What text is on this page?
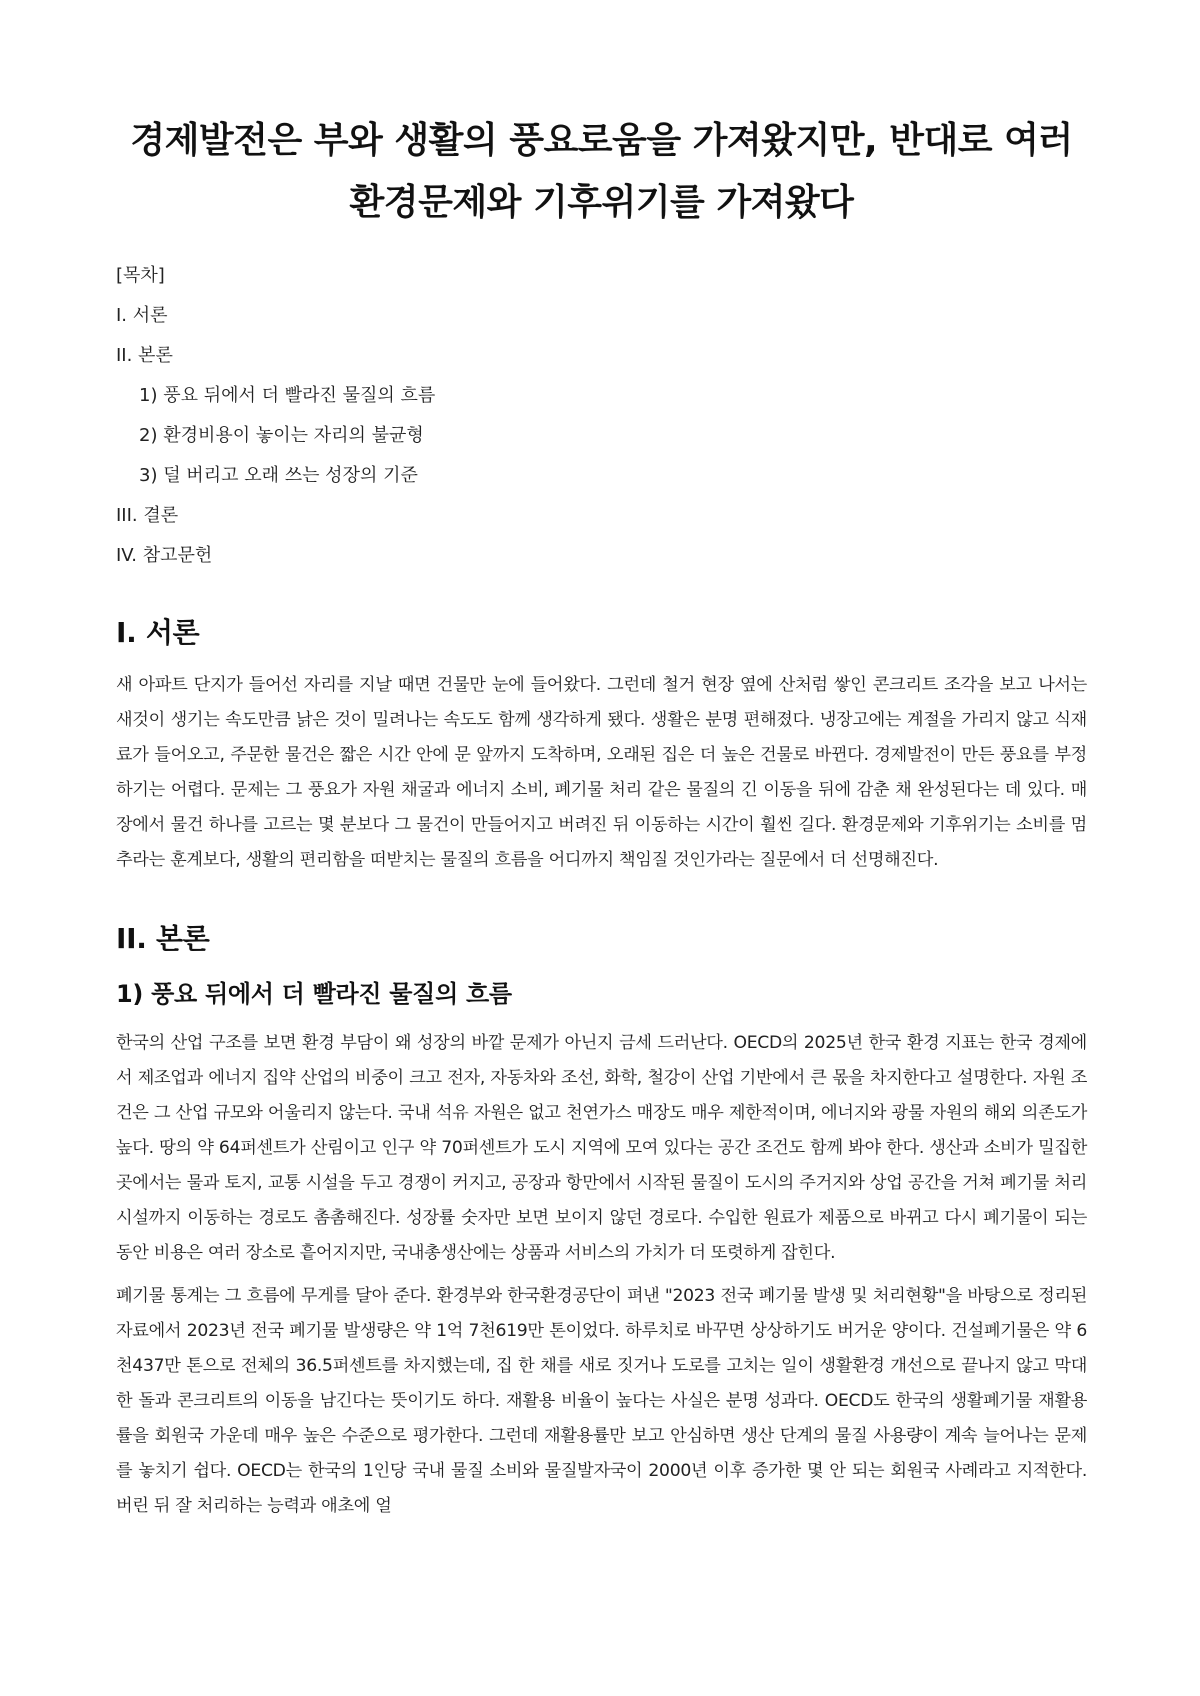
경제발전은 부와 생활의 풍요로움을 가져왔지만, 반대로 여러 환경문제와 기후위기를 가져왔다
[목차]
I. 서론
II. 본론
1) 풍요 뒤에서 더 빨라진 물질의 흐름
2) 환경비용이 놓이는 자리의 불균형
3) 덜 버리고 오래 쓰는 성장의 기준
III. 결론
IV. 참고문헌
I. 서론

새 아파트 단지가 들어선 자리를 지날 때면 건물만 눈에 들어왔다. 그런데 철거 현장 옆에 산처럼 쌓인 콘크리트 조각을 보고 나서는 새것이 생기는 속도만큼 낡은 것이 밀려나는 속도도 함께 생각하게 됐다. 생활은 분명 편해졌다. 냉장고에는 계절을 가리지 않고 식재료가 들어오고, 주문한 물건은 짧은 시간 안에 문 앞까지 도착하며, 오래된 집은 더 높은 건물로 바뀐다. 경제발전이 만든 풍요를 부정하기는 어렵다. 문제는 그 풍요가 자원 채굴과 에너지 소비, 폐기물 처리 같은 물질의 긴 이동을 뒤에 감춘 채 완성된다는 데 있다. 매장에서 물건 하나를 고르는 몇 분보다 그 물건이 만들어지고 버려진 뒤 이동하는 시간이 훨씬 길다. 환경문제와 기후위기는 소비를 멈추라는 훈계보다, 생활의 편리함을 떠받치는 물질의 흐름을 어디까지 책임질 것인가라는 질문에서 더 선명해진다.

II. 본론
1) 풍요 뒤에서 더 빨라진 물질의 흐름

한국의 산업 구조를 보면 환경 부담이 왜 성장의 바깥 문제가 아닌지 금세 드러난다. OECD의 2025년 한국 환경 지표는 한국 경제에서 제조업과 에너지 집약 산업의 비중이 크고 전자, 자동차와 조선, 화학, 철강이 산업 기반에서 큰 몫을 차지한다고 설명한다. 자원 조건은 그 산업 규모와 어울리지 않는다. 국내 석유 자원은 없고 천연가스 매장도 매우 제한적이며, 에너지와 광물 자원의 해외 의존도가 높다. 땅의 약 64퍼센트가 산림이고 인구 약 70퍼센트가 도시 지역에 모여 있다는 공간 조건도 함께 봐야 한다. 생산과 소비가 밀집한 곳에서는 물과 토지, 교통 시설을 두고 경쟁이 커지고, 공장과 항만에서 시작된 물질이 도시의 주거지와 상업 공간을 거쳐 폐기물 처리시설까지 이동하는 경로도 촘촘해진다. 성장률 숫자만 보면 보이지 않던 경로다. 수입한 원료가 제품으로 바뀌고 다시 폐기물이 되는 동안 비용은 여러 장소로 흩어지지만, 국내총생산에는 상품과 서비스의 가치가 더 또렷하게 잡힌다.

폐기물 통계는 그 흐름에 무게를 달아 준다. 환경부와 한국환경공단이 펴낸 "2023 전국 폐기물 발생 및 처리현황"을 바탕으로 정리된 자료에서 2023년 전국 폐기물 발생량은 약 1억 7천619만 톤이었다. 하루치로 바꾸면 상상하기도 버거운 양이다. 건설폐기물은 약 6천437만 톤으로 전체의 36.5퍼센트를 차지했는데, 집 한 채를 새로 짓거나 도로를 고치는 일이 생활환경 개선으로 끝나지 않고 막대한 돌과 콘크리트의 이동을 남긴다는 뜻이기도 하다. 재활용 비율이 높다는 사실은 분명 성과다. OECD도 한국의 생활폐기물 재활용률을 회원국 가운데 매우 높은 수준으로 평가한다. 그런데 재활용률만 보고 안심하면 생산 단계의 물질 사용량이 계속 늘어나는 문제를 놓치기 쉽다. OECD는 한국의 1인당 국내 물질 소비와 물질발자국이 2000년 이후 증가한 몇 안 되는 회원국 사례라고 지적한다. 버린 뒤 잘 처리하는 능력과 애초에 얼
